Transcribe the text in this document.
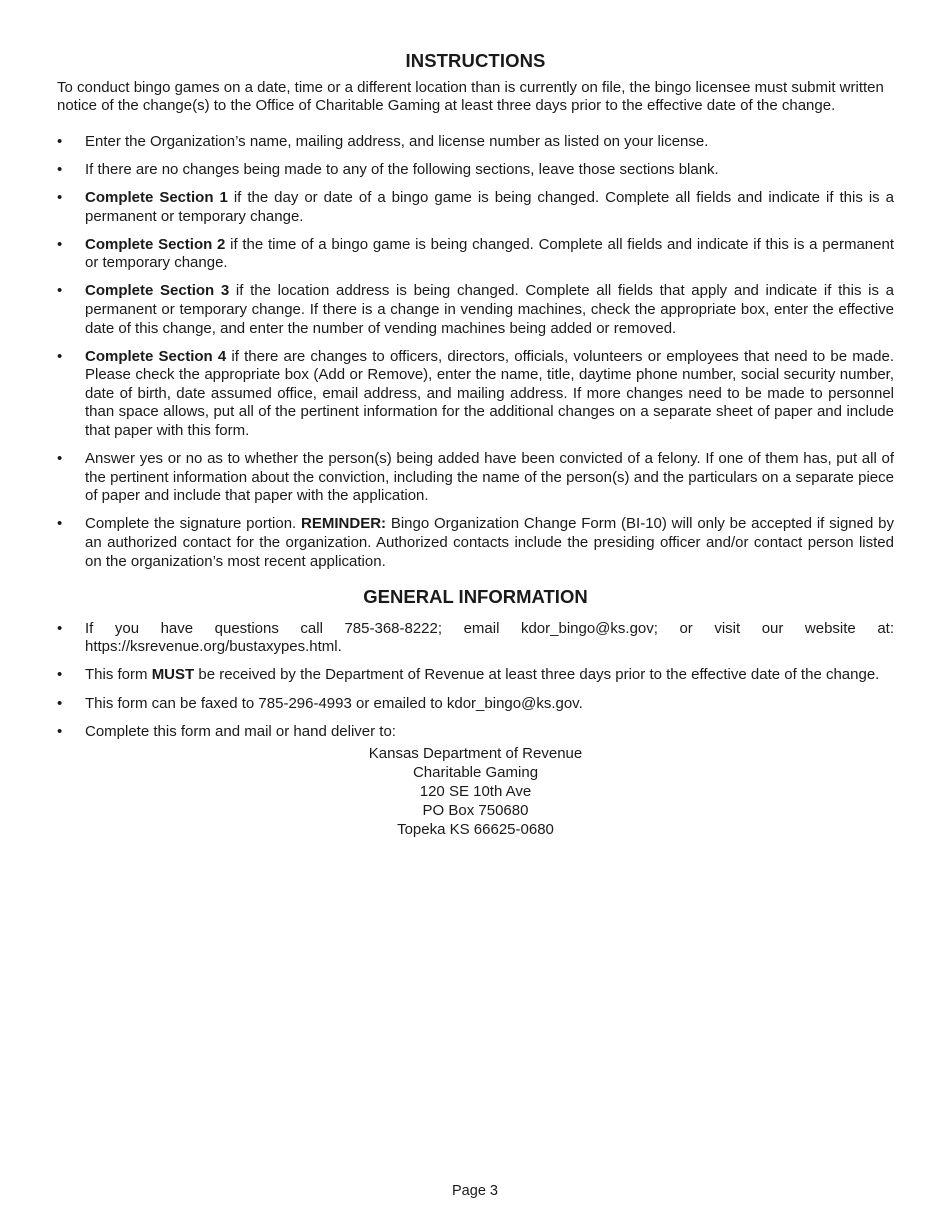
INSTRUCTIONS

To conduct bingo games on a date, time or a different location than is currently on file, the bingo licensee must submit written notice of the change(s) to the Office of Charitable Gaming at least three days prior to the effective date of the change.

• Enter the Organization’s name, mailing address, and license number as listed on your license.
• If there are no changes being made to any of the following sections, leave those sections blank.
• Complete Section 1 if the day or date of a bingo game is being changed. Complete all fields and indicate if this is a permanent or temporary change.
• Complete Section 2 if the time of a bingo game is being changed. Complete all fields and indicate if this is a permanent or temporary change.
• Complete Section 3 if the location address is being changed. Complete all fields that apply and indicate if this is a permanent or temporary change. If there is a change in vending machines, check the appropriate box, enter the effective date of this change, and enter the number of vending machines being added or removed.
• Complete Section 4 if there are changes to officers, directors, officials, volunteers or employees that need to be made. Please check the appropriate box (Add or Remove), enter the name, title, daytime phone number, social security number, date of birth, date assumed office, email address, and mailing address. If more changes need to be made to personnel than space allows, put all of the pertinent information for the additional changes on a separate sheet of paper and include that paper with this form.
• Answer yes or no as to whether the person(s) being added have been convicted of a felony. If one of them has, put all of the pertinent information about the conviction, including the name of the person(s) and the particulars on a separate piece of paper and include that paper with the application.
• Complete the signature portion. REMINDER: Bingo Organization Change Form (BI-10) will only be accepted if signed by an authorized contact for the organization. Authorized contacts include the presiding officer and/or contact person listed on the organization’s most recent application.
GENERAL INFORMATION
• If you have questions call 785-368-8222; email kdor_bingo@ks.gov; or visit our website at: https://ksrevenue.org/bustaxypes.html.
• This form MUST be received by the Department of Revenue at least three days prior to the effective date of the change.
• This form can be faxed to 785-296-4993 or emailed to kdor_bingo@ks.gov.
• Complete this form and mail or hand deliver to:
Kansas Department of Revenue
Charitable Gaming
120 SE 10th Ave
PO Box 750680
Topeka KS 66625-0680
Page 3
